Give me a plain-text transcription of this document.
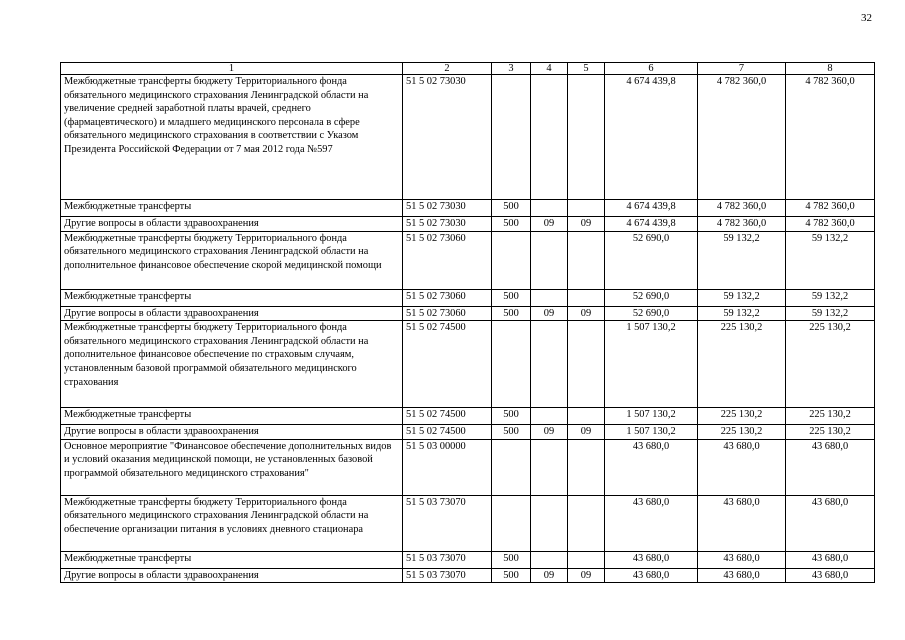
32
1	2	3	4	5	6	7	8
Межбюджетные трансферты бюджету Территориального фонда обязательного медицинского страхования Ленинградской области на увеличение средней заработной платы врачей, среднего (фармацевтического) и младшего медицинского персонала в сфере обязательного медицинского страхования в соответствии с Указом Президента Российской Федерации от 7 мая 2012 года №597	51 5 02 73030				4 674 439,8	4 782 360,0	4 782 360,0
Межбюджетные трансферты	51 5 02 73030	500			4 674 439,8	4 782 360,0	4 782 360,0
Другие вопросы в области здравоохранения	51 5 02 73030	500	09	09	4 674 439,8	4 782 360,0	4 782 360,0
Межбюджетные трансферты бюджету Территориального фонда обязательного медицинского страхования Ленинградской области на дополнительное финансовое обеспечение скорой медицинской помощи	51 5 02 73060				52 690,0	59 132,2	59 132,2
Межбюджетные трансферты	51 5 02 73060	500			52 690,0	59 132,2	59 132,2
Другие вопросы в области здравоохранения	51 5 02 73060	500	09	09	52 690,0	59 132,2	59 132,2
Межбюджетные трансферты бюджету Территориального фонда обязательного медицинского страхования Ленинградской области на дополнительное финансовое обеспечение по страховым случаям, установленным базовой программой обязательного медицинского страхования	51 5 02 74500				1 507 130,2	225 130,2	225 130,2
Межбюджетные трансферты	51 5 02 74500	500			1 507 130,2	225 130,2	225 130,2
Другие вопросы в области здравоохранения	51 5 02 74500	500	09	09	1 507 130,2	225 130,2	225 130,2
Основное мероприятие "Финансовое обеспечение дополнительных видов и условий оказания медицинской помощи, не установленных базовой программой обязательного медицинского страхования"	51 5 03 00000				43 680,0	43 680,0	43 680,0
Межбюджетные трансферты бюджету Территориального фонда обязательного медицинского страхования Ленинградской области на обеспечение организации питания в условиях дневного стационара	51 5 03 73070				43 680,0	43 680,0	43 680,0
Межбюджетные трансферты	51 5 03 73070	500			43 680,0	43 680,0	43 680,0
Другие вопросы в области здравоохранения	51 5 03 73070	500	09	09	43 680,0	43 680,0	43 680,0
